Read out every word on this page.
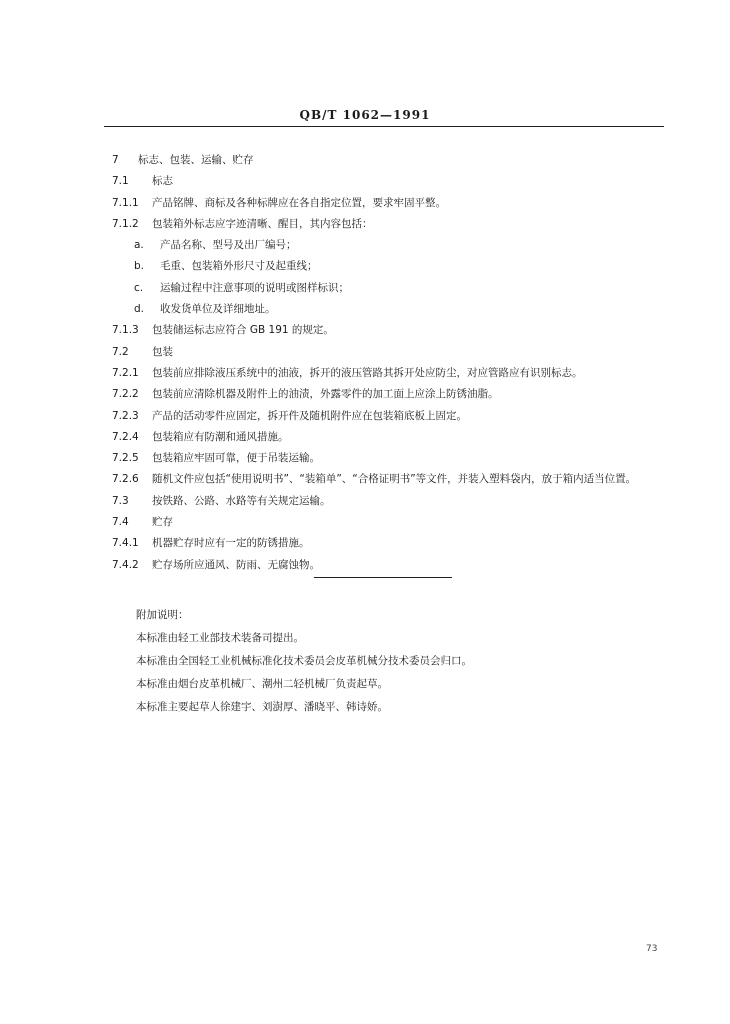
QB/T 1062—1991
7 标志、包装、运输、贮存
7.1 标志
7.1.1 产品铭牌、商标及各种标牌应在各自指定位置，要求牢固平整。
7.1.2 包装箱外标志应字迹清晰、醒目，其内容包括：
a. 产品名称、型号及出厂编号；
b. 毛重、包装箱外形尺寸及起重线；
c. 运输过程中注意事项的说明或图样标识；
d. 收发货单位及详细地址。
7.1.3 包装储运标志应符合 GB 191 的规定。
7.2 包装
7.2.1 包装前应排除液压系统中的油液，拆开的液压管路其拆开处应防尘，对应管路应有识别标志。
7.2.2 包装前应清除机器及附件上的油渍，外露零件的加工面上应涂上防锈油脂。
7.2.3 产品的活动零件应固定，拆开件及随机附件应在包装箱底板上固定。
7.2.4 包装箱应有防潮和通风措施。
7.2.5 包装箱应牢固可靠，便于吊装运输。
7.2.6 随机文件应包括“使用说明书”、“装箱单”、“合格证明书”等文件，并装入塑料袋内，放于箱内适当位置。
7.3 按铁路、公路、水路等有关规定运输。
7.4 贮存
7.4.1 机器贮存时应有一定的防锈措施。
7.4.2 贮存场所应通风、防雨、无腐蚀物。
附加说明：
本标准由轻工业部技术装备司提出。
本标准由全国轻工业机械标准化技术委员会皮革机械分技术委员会归口。
本标准由烟台皮革机械厂、潮州二轻机械厂负责起草。
本标准主要起草人徐建宇、刘澍厚、潘晓平、韩诗娇。
73
